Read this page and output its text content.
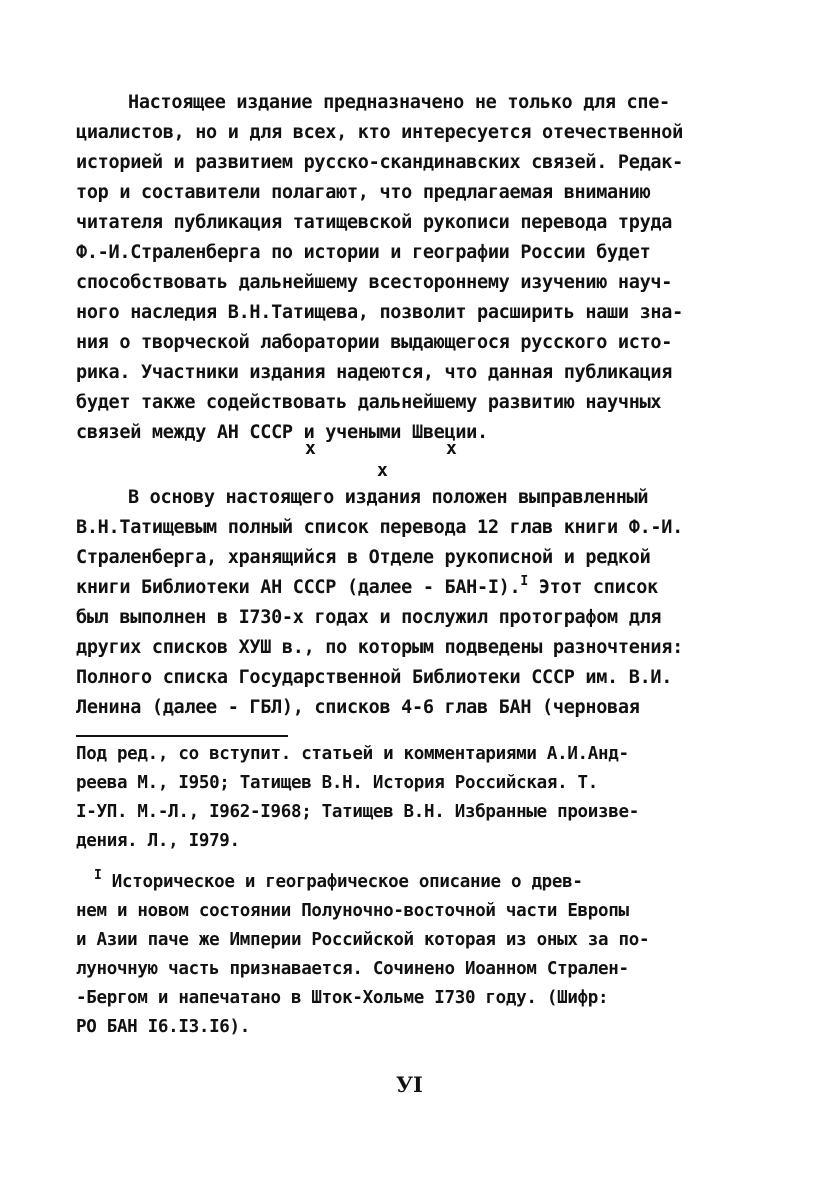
Настоящее издание предназначено не только для спе-
циалистов, но и для всех, кто интересуется отечественной
историей и развитием русско-скандинавских связей. Редак-
тор и составители полагают, что предлагаемая вниманию
читателя публикация татищевской рукописи перевода труда
Ф.-И.Страленберга по истории и географии России будет
способствовать дальнейшему всестороннему изучению науч-
ного наследия В.Н.Татищева, позволит расширить наши зна-
ния о творческой лаборатории выдающегося русского исто-
рика. Участники издания надеются, что данная публикация
будет также содействовать дальнейшему развитию научных
связей между АН СССР и учеными Швеции.
x	x
x
В основу настоящего издания положен выправленный
В.Н.Татищевым полный список перевода 12 глав книги Ф.-И.
Страленберга, хранящийся в Отделе рукописной и редкой
книги Библиотеки АН СССР (далее - БАН-I).$^I$ Этот список
был выполнен в I730-х годах и послужил протографом для
других списков XУШ в., по которым подведены разночтения:
Полного списка Государственной Библиотеки СССР им. В.И.
Ленина (далее - ГБЛ), списков 4-6 глав БАН (черновая
Под ред., со вступит. статьей и комментариями А.И.Анд-
реева М., I950; Татищев В.Н. История Российская. Т.
I-УП. М.-Л., I962-I968; Татищев В.Н. Избранные произве-
дения. Л., I979.
$^I$ Историческое и географическое описание о древ-
нем и новом состоянии Полуночно-восточной части Европы
и Азии паче же Империи Российской которая из оных за по-
луночную часть признавается. Сочинено Иоанном Стрален-
-Бергом и напечатано в Шток-Хольме I730 году. (Шифр:
РО БАН I6.I3.I6).
УI
